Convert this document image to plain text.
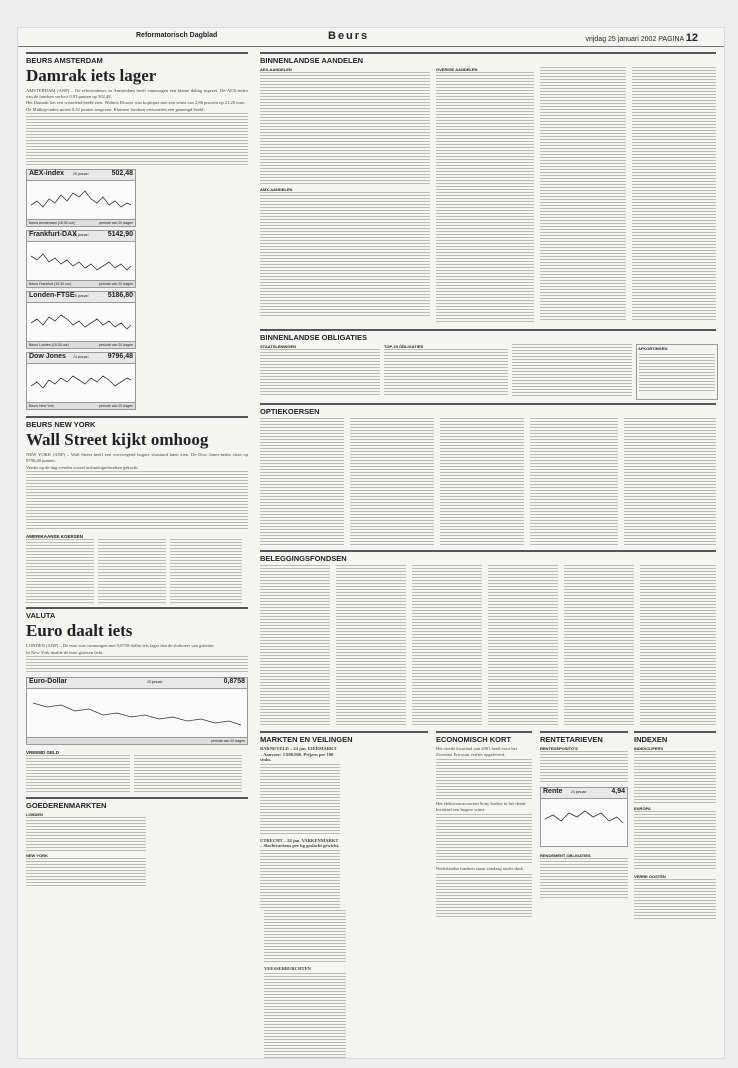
Reformatorisch Dagblad	Beurs	vrijdag 25 januari 2002 PAGINA 12
BEURS AMSTERDAM
Damrak iets lager

AMSTERDAM (ANP) – De effectenbeurs in Amsterdam heeft vanmorgen een kleine daling ingezet. De AEX-index van de fondsen verloor 0,93 punten op 502,48.

Het Damrak liet een wisselend beeld zien. Wolters Kluwer was koploper met een winst van 2,86 procent op 21,20 euro.

De Midkap-index moest 0,32 punten toegeven. Kleinere fondsen vertoonden een gemengd beeld.

AEX-index	25 januari	502,48
Beurs Amsterdam (15.30 uur)	periode van 20 dagen

Frankfurt-DAX
25 januari	5142,90
Beurs Frankfurt (15.30 uur)	periode van 20 dagen

Londen-FTSE
25 januari	5186,80
Beurs Londen (15.30 uur)	periode van 20 dagen

Dow Jones 24 januari	9796,48
Beurs New York	periode van 20 dagen
BEURS NEW YORK
Wall Street kijkt omhoog

NEW YORK (ANP) – Wall Street heeft een overwegend hogere slotstand laten zien. De Dow Jones-index sloot op 9796,48 punten.

Verder op de dag werden vooral technologiefondsen gekocht.

AMERIKAANSE KOERSEN
VALUTA
Euro daalt iets

LONDEN (ANP) – De euro was vanmorgen met 0,8758 dollar iets lager dan de slotkoers van gisteren.

In New York daalde de euro gisteren licht.

Euro-Dollar	25 januari	0,8758
periode van 20 dagen
VREEMD GELD
GOEDERENMARKTEN
LONDEN
NEW YORK
BINNENLANDSE AANDELEN
AEX-AANDELEN
AMX-AANDELEN
OVERIGE AANDELEN
BINNENLANDSE OBLIGATIES
STAATSLENINGEN	TOP-25 OBLIGATIES	AFKORTINGEN
OPTIEKOERSEN
BELEGGINGSFONDSEN
MARKTEN EN VEILINGEN

BARNEVELD – 24 jan. EIERMARKT – Aanvoer: 1.900.000. Prijzen per 100 stuks.

UTRECHT – 24 jan. VARKENMARKT – Slachtvarkens per kg geslacht gewicht.

VEESSERBURCHTEN

ECONOMISCH KORT

Het vierde kwartaal van 2001 heeft voor het Zweedse Ericsson verlies opgeleverd.

Het elektronicaconcern Sony boekte in het derde kwartaal een hogere winst.

Nederlandse fondsen staan vandaag onder druk.

RENTETARIEVEN
RENTEDEPOSITO'S
Rente 24 januari	4,94
RENDEMENT OBLIGATIES
INDEXEN
INDEXCIJFERS
EUROPA
VERRE OOSTEN
